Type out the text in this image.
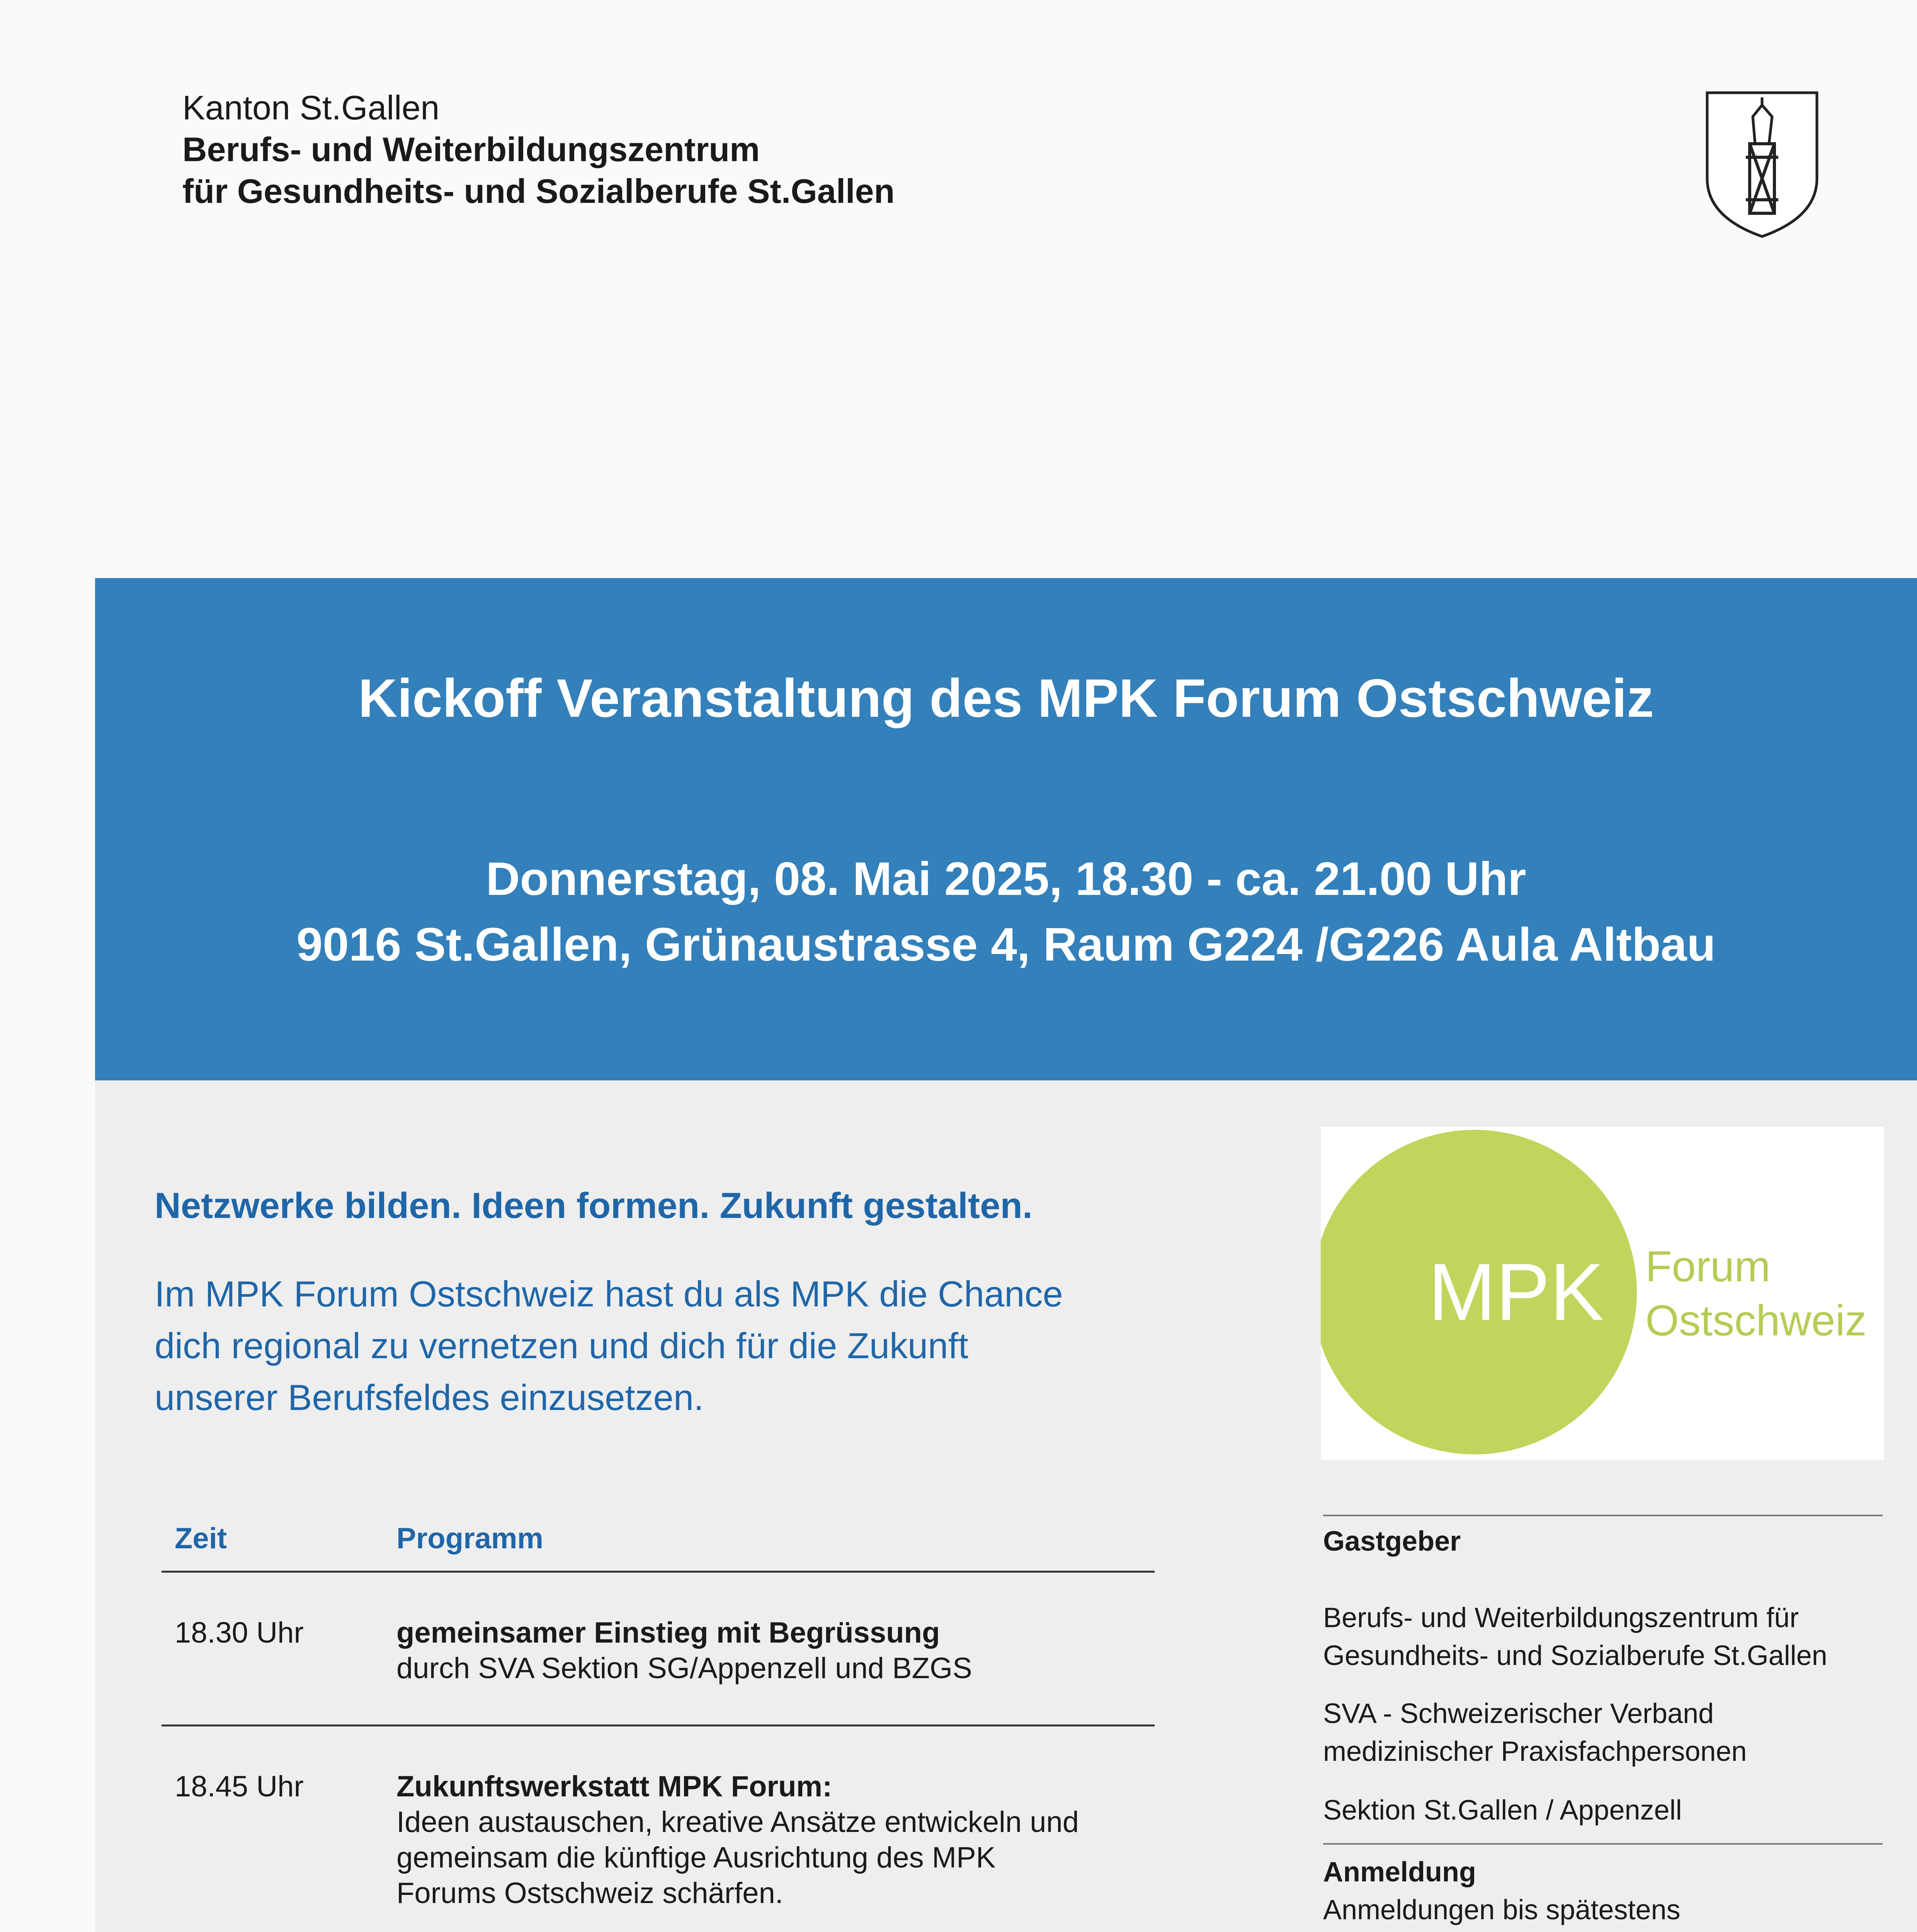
Kanton St.Gallen
Berufs- und Weiterbildungszentrum
für Gesundheits- und Sozialberufe St.Gallen
Kickoff Veranstaltung des MPK Forum Ostschweiz
Donnerstag, 08. Mai 2025, 18.30 - ca. 21.00 Uhr
9016 St.Gallen, Grünaustrasse 4, Raum G224 /G226 Aula Altbau
Netzwerke bilden. Ideen formen. Zukunft gestalten.
Im MPK Forum Ostschweiz hast du als MPK die Chance
dich regional zu vernetzen und dich für die Zukunft
unserer Berufsfeldes einzusetzen.
Zeit	Programm
18.30 Uhr	gemeinsamer Einstieg mit Begrüssung
durch SVA Sektion SG/Appenzell und BZGS
18.45 Uhr	Zukunftswerkstatt MPK Forum:
Ideen austauschen, kreative Ansätze entwickeln und
gemeinsam die künftige Ausrichtung des MPK
Forums Ostschweiz schärfen.
MPK Forum
Ostschweiz
Gastgeber
Berufs- und Weiterbildungszentrum für
Gesundheits- und Sozialberufe St.Gallen
SVA - Schweizerischer Verband
medizinischer Praxisfachpersonen
Sektion St.Gallen / Appenzell
Anmeldung
Anmeldungen bis spätestens
